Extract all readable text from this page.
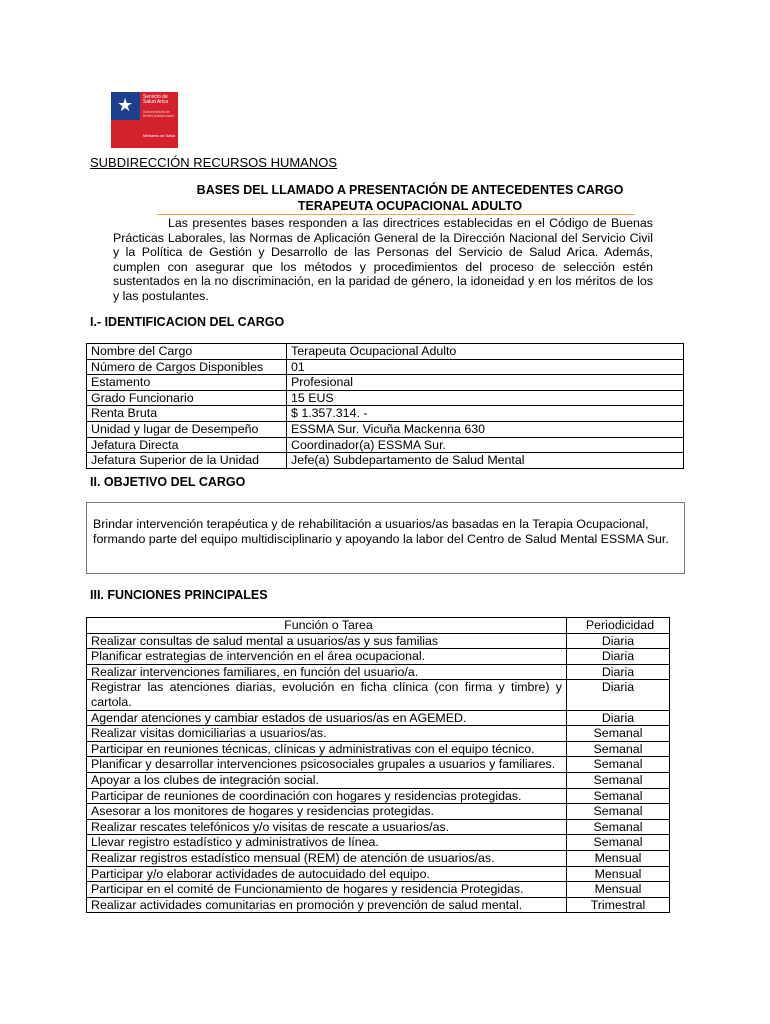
★ Servicio de Salud Arica
Subsecretaría de Redes Asistenciales
Ministerio de Salud
SUBDIRECCIÓN RECURSOS HUMANOS
BASES DEL LLAMADO A PRESENTACIÓN DE ANTECEDENTES CARGO
TERAPEUTA OCUPACIONAL ADULTO
Las presentes bases responden a las directrices establecidas en el Código de Buenas Prácticas Laborales, las Normas de Aplicación General de la Dirección Nacional del Servicio Civil y la Política de Gestión y Desarrollo de las Personas del Servicio de Salud Arica. Además, cumplen con asegurar que los métodos y procedimientos del proceso de selección estén sustentados en la no discriminación, en la paridad de género, la idoneidad y en los méritos de los y las postulantes.
I.- IDENTIFICACION DEL CARGO
Nombre del Cargo	Terapeuta Ocupacional Adulto
Número de Cargos Disponibles	01
Estamento	Profesional
Grado Funcionario	15 EUS
Renta Bruta	$ 1.357.314. -
Unidad y lugar de Desempeño	ESSMA Sur. Vicuña Mackenna 630
Jefatura Directa	Coordinador(a) ESSMA Sur.
Jefatura Superior de la Unidad	Jefe(a) Subdepartamento de Salud Mental
II. OBJETIVO DEL CARGO
Brindar intervención terapéutica y de rehabilitación a usuarios/as basadas en la Terapia Ocupacional, formando parte del equipo multidisciplinario y apoyando la labor del Centro de Salud Mental ESSMA Sur.
III. FUNCIONES PRINCIPALES
Función o Tarea	Periodicidad
Realizar consultas de salud mental a usuarios/as y sus familias	Diaria
Planificar estrategias de intervención en el área ocupacional.	Diaria
Realizar intervenciones familiares, en función del usuario/a.	Diaria
Registrar las atenciones diarias, evolución en ficha clínica (con firma y timbre) y cartola.	Diaria
Agendar atenciones y cambiar estados de usuarios/as en AGEMED.	Diaria
Realizar visitas domiciliarias a usuarios/as.	Semanal
Participar en reuniones técnicas, clínicas y administrativas con el equipo técnico.	Semanal
Planificar y desarrollar intervenciones psicosociales grupales a usuarios y familiares.	Semanal
Apoyar a los clubes de integración social.	Semanal
Participar de reuniones de coordinación con hogares y residencias protegidas.	Semanal
Asesorar a los monitores de hogares y residencias protegidas.	Semanal
Realizar rescates telefónicos y/o visitas de rescate a usuarios/as.	Semanal
Llevar registro estadístico y administrativos de línea.	Semanal
Realizar registros estadístico mensual (REM) de atención de usuarios/as.	Mensual
Participar y/o elaborar actividades de autocuidado del equipo.	Mensual
Participar en el comité de Funcionamiento de hogares y residencia Protegidas.	Mensual
Realizar actividades comunitarias en promoción y prevención de salud mental.	Trimestral
